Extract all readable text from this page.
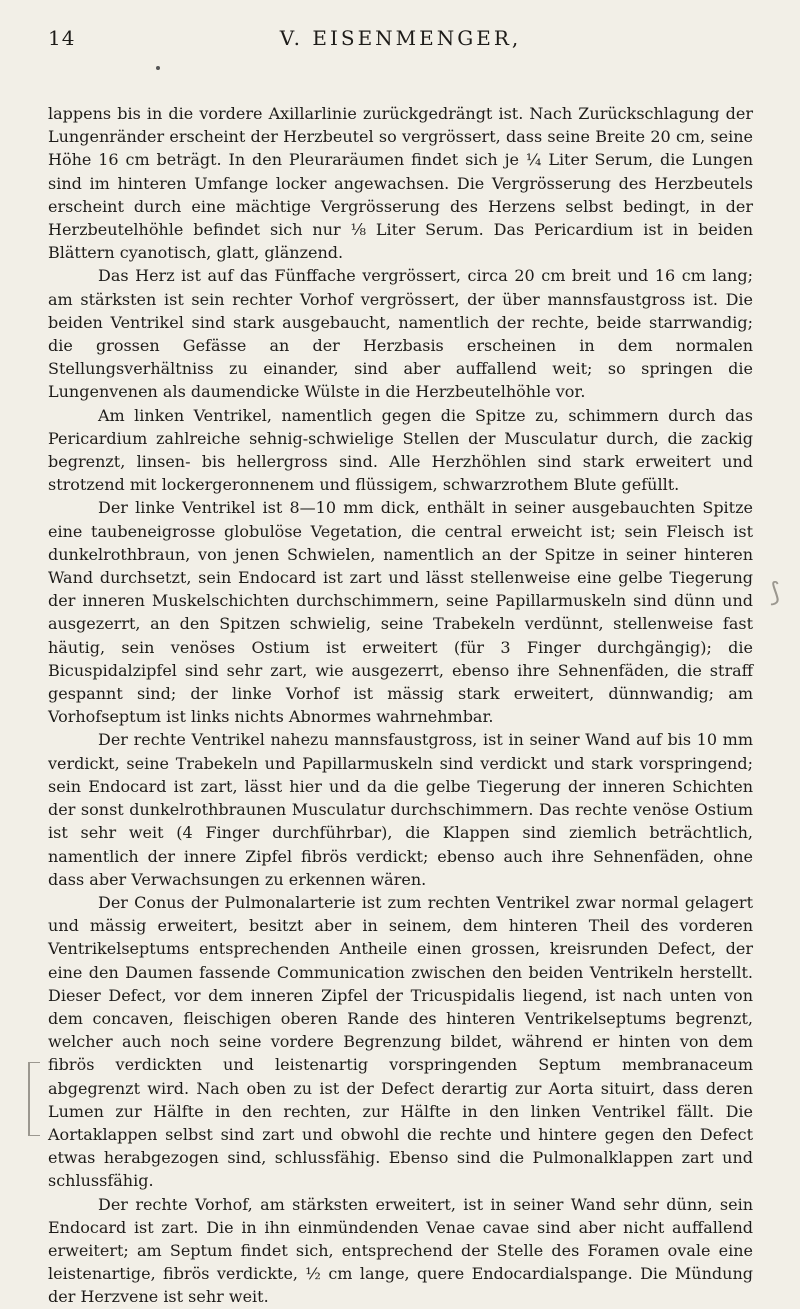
14	V. EISENMENGER,

lappens bis in die vordere Axillarlinie zurückgedrängt ist. Nach Zurückschlagung der Lungenränder erscheint der Herzbeutel so vergrössert, dass seine Breite 20 cm, seine Höhe 16 cm beträgt. In den Pleuraräumen findet sich je ¼ Liter Serum, die Lungen sind im hinteren Umfange locker angewachsen. Die Vergrösserung des Herzbeutels erscheint durch eine mächtige Vergrösserung des Herzens selbst bedingt, in der Herzbeutelhöhle befindet sich nur ⅛ Liter Serum. Das Pericardium ist in beiden Blättern cyanotisch, glatt, glänzend.

Das Herz ist auf das Fünffache vergrössert, circa 20 cm breit und 16 cm lang; am stärksten ist sein rechter Vorhof vergrössert, der über mannsfaustgross ist. Die beiden Ventrikel sind stark ausgebaucht, namentlich der rechte, beide starrwandig; die grossen Gefässe an der Herzbasis erscheinen in dem normalen Stellungsverhältniss zu einander, sind aber auffallend weit; so springen die Lungenvenen als daumendicke Wülste in die Herzbeutelhöhle vor.

Am linken Ventrikel, namentlich gegen die Spitze zu, schimmern durch das Pericardium zahlreiche sehnig-schwielige Stellen der Musculatur durch, die zackig begrenzt, linsen- bis hellergross sind. Alle Herzhöhlen sind stark erweitert und strotzend mit lockergeronnenem und flüssigem, schwarzrothem Blute gefüllt.

Der linke Ventrikel ist 8—10 mm dick, enthält in seiner ausgebauchten Spitze eine taubeneigrosse globulöse Vegetation, die central erweicht ist; sein Fleisch ist dunkelrothbraun, von jenen Schwielen, namentlich an der Spitze in seiner hinteren Wand durchsetzt, sein Endocard ist zart und lässt stellenweise eine gelbe Tiegerung der inneren Muskelschichten durchschimmern, seine Papillarmuskeln sind dünn und ausgezerrt, an den Spitzen schwielig, seine Trabekeln verdünnt, stellenweise fast häutig, sein venöses Ostium ist erweitert (für 3 Finger durchgängig); die Bicuspidalzipfel sind sehr zart, wie ausgezerrt, ebenso ihre Sehnenfäden, die straff gespannt sind; der linke Vorhof ist mässig stark erweitert, dünnwandig; am Vorhofseptum ist links nichts Abnormes wahrnehmbar.

Der rechte Ventrikel nahezu mannsfaustgross, ist in seiner Wand auf bis 10 mm verdickt, seine Trabekeln und Papillarmuskeln sind verdickt und stark vorspringend; sein Endocard ist zart, lässt hier und da die gelbe Tiegerung der inneren Schichten der sonst dunkelrothbraunen Musculatur durchschimmern. Das rechte venöse Ostium ist sehr weit (4 Finger durchführbar), die Klappen sind ziemlich beträchtlich, namentlich der innere Zipfel fibrös verdickt; ebenso auch ihre Sehnenfäden, ohne dass aber Verwachsungen zu erkennen wären.

Der Conus der Pulmonalarterie ist zum rechten Ventrikel zwar normal gelagert und mässig erweitert, besitzt aber in seinem, dem hinteren Theil des vorderen Ventrikelseptums entsprechenden Antheile einen grossen, kreisrunden Defect, der eine den Daumen fassende Communication zwischen den beiden Ventrikeln herstellt. Dieser Defect, vor dem inneren Zipfel der Tricuspidalis liegend, ist nach unten von dem concaven, fleischigen oberen Rande des hinteren Ventrikelseptums begrenzt, welcher auch noch seine vordere Begrenzung bildet, während er hinten von dem fibrös verdickten und leistenartig vorspringenden Septum membranaceum abgegrenzt wird. Nach oben zu ist der Defect derartig zur Aorta situirt, dass deren Lumen zur Hälfte in den rechten, zur Hälfte in den linken Ventrikel fällt. Die Aortaklappen selbst sind zart und obwohl die rechte und hintere gegen den Defect etwas herabgezogen sind, schlussfähig. Ebenso sind die Pulmonalklappen zart und schlussfähig.

Der rechte Vorhof, am stärksten erweitert, ist in seiner Wand sehr dünn, sein Endocard ist zart. Die in ihn einmündenden Venae cavae sind aber nicht auffallend erweitert; am Septum findet sich, entsprechend der Stelle des Foramen ovale eine leistenartige, fibrös verdickte, ½ cm lange, quere Endocardialspange. Die Mündung der Herzvene ist sehr weit.

⟆
